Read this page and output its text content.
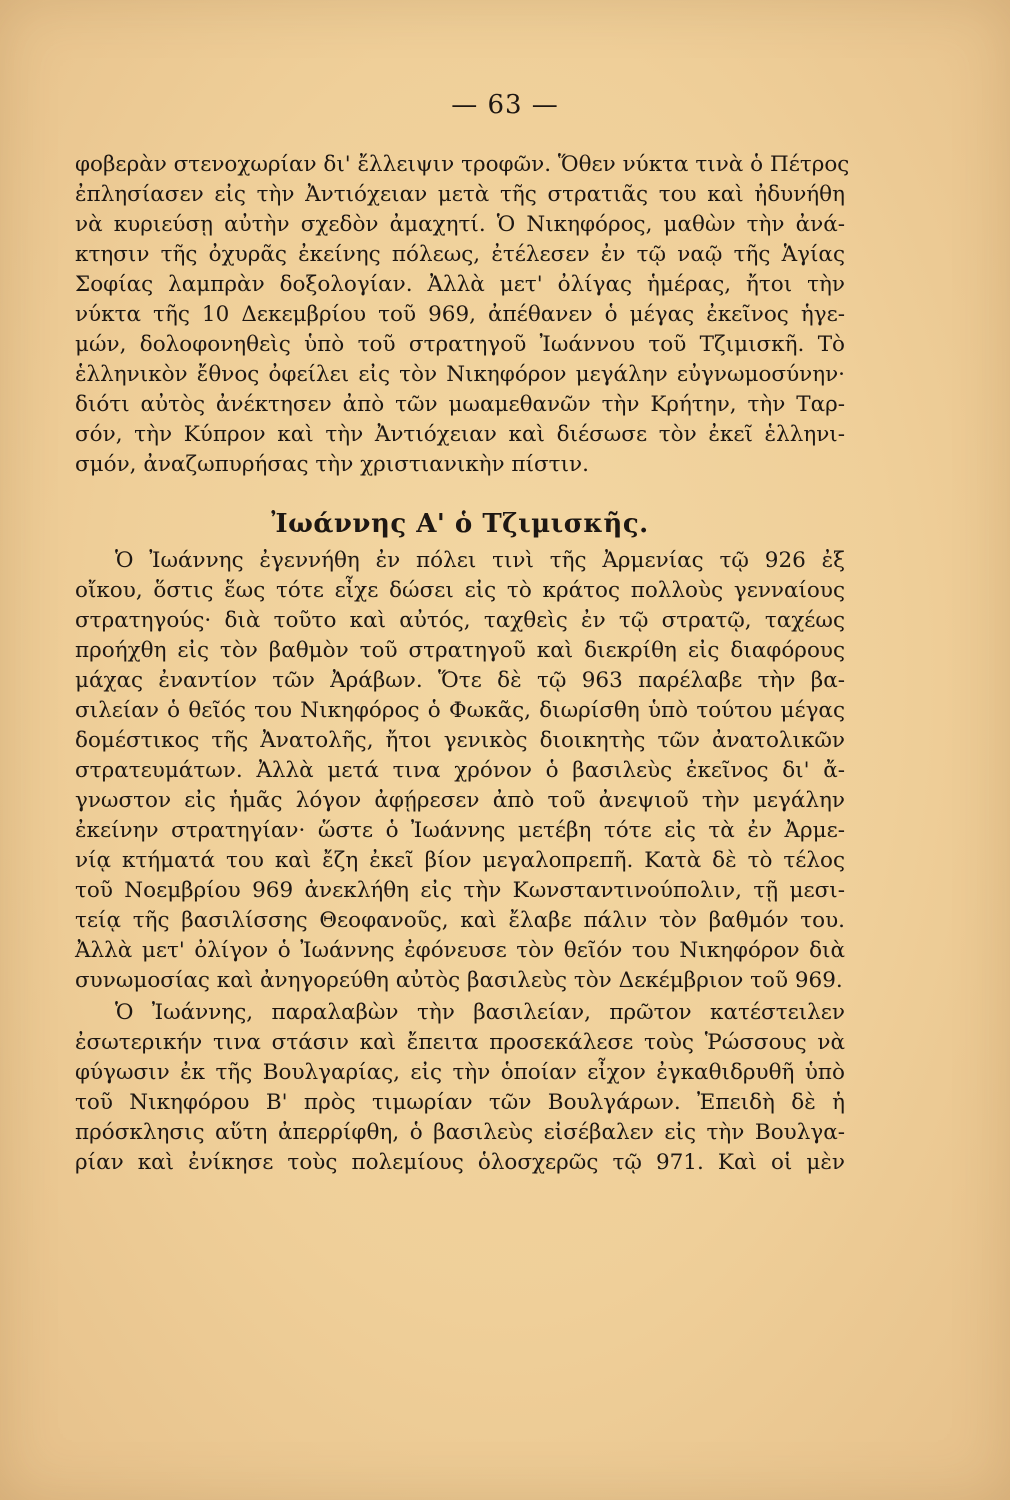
— 63 —
φοβερὰν στενοχωρίαν δι' ἔλλειψιν τροφῶν. Ὅθεν νύκτα τινὰ ὁ Πέτρος
ἐπλησίασεν εἰς τὴν Ἀντιόχειαν μετὰ τῆς στρατιᾶς του καὶ ἠδυνήθη
νὰ κυριεύσῃ αὐτὴν σχεδὸν ἀμαχητί. Ὁ Νικηφόρος, μαθὼν τὴν ἀνά-
κτησιν τῆς ὀχυρᾶς ἐκείνης πόλεως, ἐτέλεσεν ἐν τῷ ναῷ τῆς Ἁγίας
Σοφίας λαμπρὰν δοξολογίαν. Ἀλλὰ μετ' ὀλίγας ἡμέρας, ἤτοι τὴν
νύκτα τῆς 10 Δεκεμβρίου τοῦ 969, ἀπέθανεν ὁ μέγας ἐκεῖνος ἡγε-
μών, δολοφονηθεὶς ὑπὸ τοῦ στρατηγοῦ Ἰωάννου τοῦ Τζιμισκῆ. Τὸ
ἑλληνικὸν ἔθνος ὀφείλει εἰς τὸν Νικηφόρον μεγάλην εὐγνωμοσύνην·
διότι αὐτὸς ἀνέκτησεν ἀπὸ τῶν μωαμεθανῶν τὴν Κρήτην, τὴν Ταρ-
σόν, τὴν Κύπρον καὶ τὴν Ἀντιόχειαν καὶ διέσωσε τὸν ἐκεῖ ἑλληνι-
σμόν, ἀναζωπυρήσας τὴν χριστιανικὴν πίστιν.
Ἰωάννης Α' ὁ Τζιμισκῆς.
Ὁ Ἰωάννης ἐγεννήθη ἐν πόλει τινὶ τῆς Ἀρμενίας τῷ 926 ἐξ
οἴκου, ὅστις ἕως τότε εἶχε δώσει εἰς τὸ κράτος πολλοὺς γενναίους
στρατηγούς· διὰ τοῦτο καὶ αὐτός, ταχθεὶς ἐν τῷ στρατῷ, ταχέως
προήχθη εἰς τὸν βαθμὸν τοῦ στρατηγοῦ καὶ διεκρίθη εἰς διαφόρους
μάχας ἐναντίον τῶν Ἀράβων. Ὅτε δὲ τῷ 963 παρέλαβε τὴν βα-
σιλείαν ὁ θεῖός του Νικηφόρος ὁ Φωκᾶς, διωρίσθη ὑπὸ τούτου μέγας
δομέστικος τῆς Ἀνατολῆς, ἤτοι γενικὸς διοικητὴς τῶν ἀνατολικῶν
στρατευμάτων. Ἀλλὰ μετά τινα χρόνον ὁ βασιλεὺς ἐκεῖνος δι' ἄ-
γνωστον εἰς ἡμᾶς λόγον ἀφῄρεσεν ἀπὸ τοῦ ἀνεψιοῦ τὴν μεγάλην
ἐκείνην στρατηγίαν· ὥστε ὁ Ἰωάννης μετέβη τότε εἰς τὰ ἐν Ἀρμε-
νίᾳ κτήματά του καὶ ἔζη ἐκεῖ βίον μεγαλοπρεπῆ. Κατὰ δὲ τὸ τέλος
τοῦ Νοεμβρίου 969 ἀνεκλήθη εἰς τὴν Κωνσταντινούπολιν, τῇ μεσι-
τείᾳ τῆς βασιλίσσης Θεοφανοῦς, καὶ ἔλαβε πάλιν τὸν βαθμόν του.
Ἀλλὰ μετ' ὀλίγον ὁ Ἰωάννης ἐφόνευσε τὸν θεῖόν του Νικηφόρον διὰ
συνωμοσίας καὶ ἀνηγορεύθη αὐτὸς βασιλεὺς τὸν Δεκέμβριον τοῦ 969.
Ὁ Ἰωάννης, παραλαβὼν τὴν βασιλείαν, πρῶτον κατέστειλεν
ἐσωτερικήν τινα στάσιν καὶ ἔπειτα προσεκάλεσε τοὺς Ῥώσσους νὰ
φύγωσιν ἐκ τῆς Βουλγαρίας, εἰς τὴν ὁποίαν εἶχον ἐγκαθιδρυθῆ ὑπὸ
τοῦ Νικηφόρου Β' πρὸς τιμωρίαν τῶν Βουλγάρων. Ἐπειδὴ δὲ ἡ
πρόσκλησις αὕτη ἀπερρίφθη, ὁ βασιλεὺς εἰσέβαλεν εἰς τὴν Βουλγα-
ρίαν καὶ ἐνίκησε τοὺς πολεμίους ὁλοσχερῶς τῷ 971. Καὶ οἱ μὲν
